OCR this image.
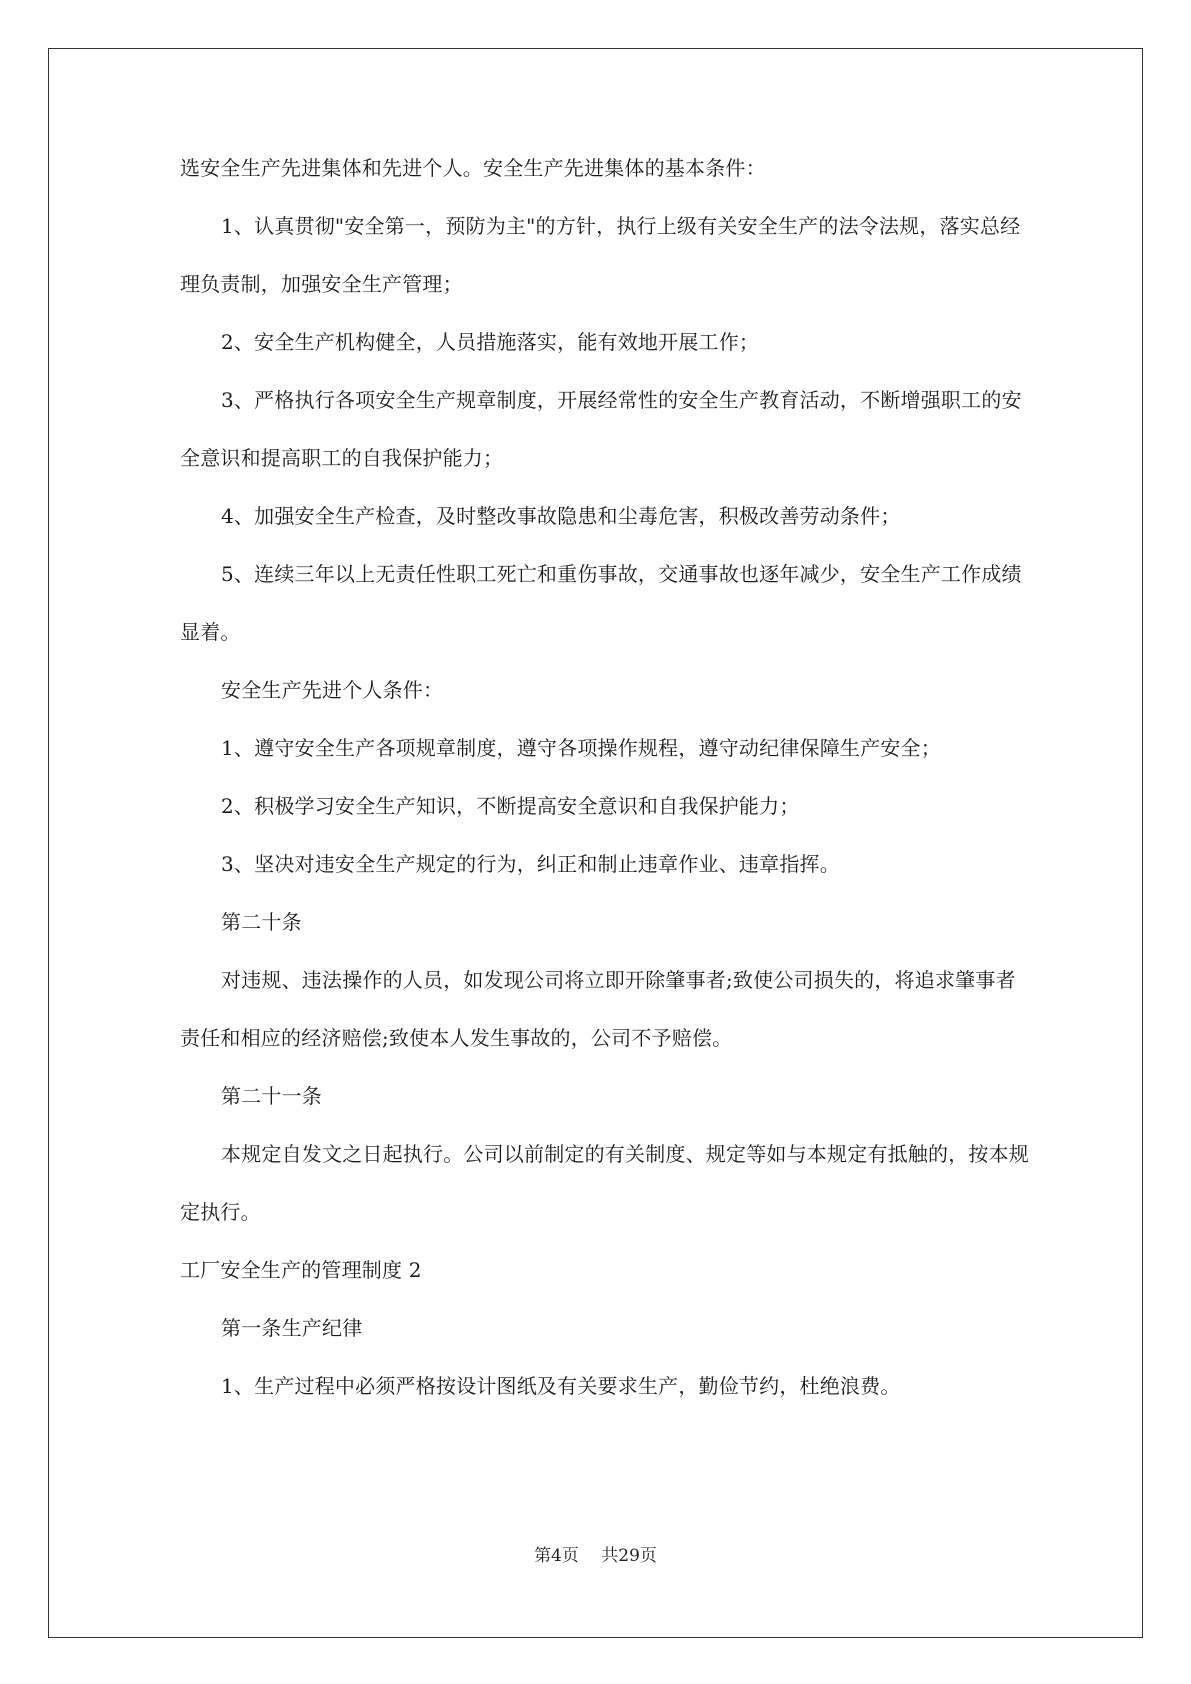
选安全生产先进集体和先进个人。安全生产先进集体的基本条件：
1、认真贯彻"安全第一，预防为主"的方针，执行上级有关安全生产的法令法规，落实总经
理负责制，加强安全生产管理；
2、安全生产机构健全，人员措施落实，能有效地开展工作；
3、严格执行各项安全生产规章制度，开展经常性的安全生产教育活动，不断增强职工的安
全意识和提高职工的自我保护能力；
4、加强安全生产检查，及时整改事故隐患和尘毒危害，积极改善劳动条件；
5、连续三年以上无责任性职工死亡和重伤事故，交通事故也逐年减少，安全生产工作成绩
显着。
安全生产先进个人条件：
1、遵守安全生产各项规章制度，遵守各项操作规程，遵守动纪律保障生产安全；
2、积极学习安全生产知识，不断提高安全意识和自我保护能力；
3、坚决对违安全生产规定的行为，纠正和制止违章作业、违章指挥。
第二十条
对违规、违法操作的人员，如发现公司将立即开除肇事者;致使公司损失的，将追求肇事者
责任和相应的经济赔偿;致使本人发生事故的，公司不予赔偿。
第二十一条
本规定自发文之日起执行。公司以前制定的有关制度、规定等如与本规定有抵触的，按本规
定执行。
工厂安全生产的管理制度 2
第一条生产纪律
1、生产过程中必须严格按设计图纸及有关要求生产，勤俭节约，杜绝浪费。
第4页　 共29页
